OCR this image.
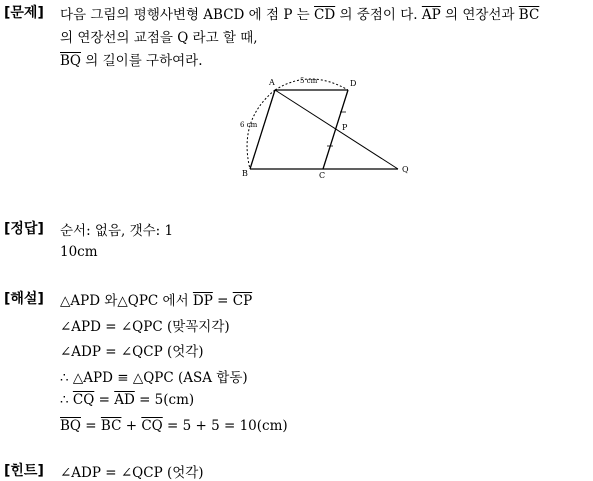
[문제] 다음 그림의 평행사변형 ABCD 에 점 P 는 $\overline{CD}$ 의 중점이 다. $\overline{AP}$ 의 연장선과 $\overline{BC}$
의 연장선의 교점을 Q 라고 할 때,
$\overline{BQ}$ 의 길이를 구하여라.
A	D
B	C
P
Q
5 cm
6 cm
[정답] 순서: 없음, 갯수: 1
10cm
[해설] △APD 와△QPC 에서 $\overline{DP} = \overline{CP}$
∠APD = ∠QPC (맞꼭지각)
∠ADP = ∠QCP (엇각)
∴ △APD ≡ △QPC (ASA 합동)
∴ $\overline{CQ} = \overline{AD} = 5(cm)$
$\overline{BQ} = \overline{BC} + \overline{CQ} = 5 + 5 = 10(cm)$
[힌트] ∠ADP = ∠QCP (엇각)
